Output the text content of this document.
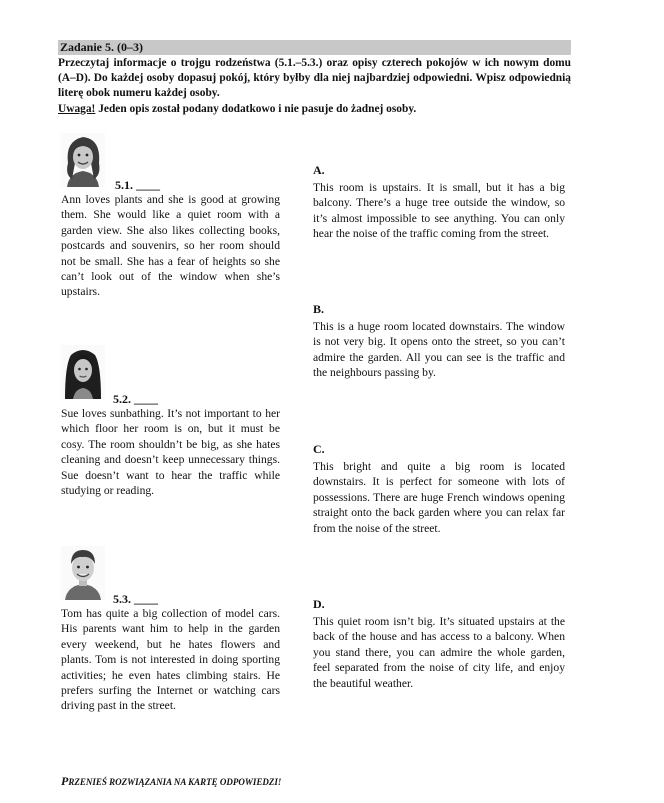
Zadanie 5. (0–3)

Przeczytaj informacje o trojgu rodzeństwa (5.1.–5.3.) oraz opisy czterech pokojów w ich nowym domu (A–D). Do każdej osoby dopasuj pokój, który byłby dla niej najbardziej odpowiedni. Wpisz odpowiednią literę obok numeru każdej osoby.

Uwaga! Jeden opis został podany dodatkowo i nie pasuje do żadnej osoby.

5.1. ____
Ann loves plants and she is good at growing them. She would like a quiet room with a garden view. She also likes collecting books, postcards and souvenirs, so her room should not be small. She has a fear of heights so she can’t look out of the window when she’s upstairs.
5.2. ____
Sue loves sunbathing. It’s not important to her which floor her room is on, but it must be cosy. The room shouldn’t be big, as she hates cleaning and doesn’t keep unnecessary things. Sue doesn’t want to hear the traffic while studying or reading.
5.3. ____
Tom has quite a big collection of model cars. His parents want him to help in the garden every weekend, but he hates flowers and plants. Tom is not interested in doing sporting activities; he even hates climbing stairs. He prefers surfing the Internet or watching cars driving past in the street.
A.
This room is upstairs. It is small, but it has a big balcony. There’s a huge tree outside the window, so it’s almost impossible to see anything. You can only hear the noise of the traffic coming from the street.
B.
This is a huge room located downstairs. The window is not very big. It opens onto the street, so you can’t admire the garden. All you can see is the traffic and the neighbours passing by.
C.
This bright and quite a big room is located downstairs. It is perfect for someone with lots of possessions. There are huge French windows opening straight onto the back garden where you can relax far from the noise of the street.
D.
This quiet room isn’t big. It’s situated upstairs at the back of the house and has access to a balcony. When you stand there, you can admire the whole garden, feel separated from the noise of city life, and enjoy the beautiful weather.
PRZENIEŚ ROZWIĄZANIA NA KARTĘ ODPOWIEDZI!
